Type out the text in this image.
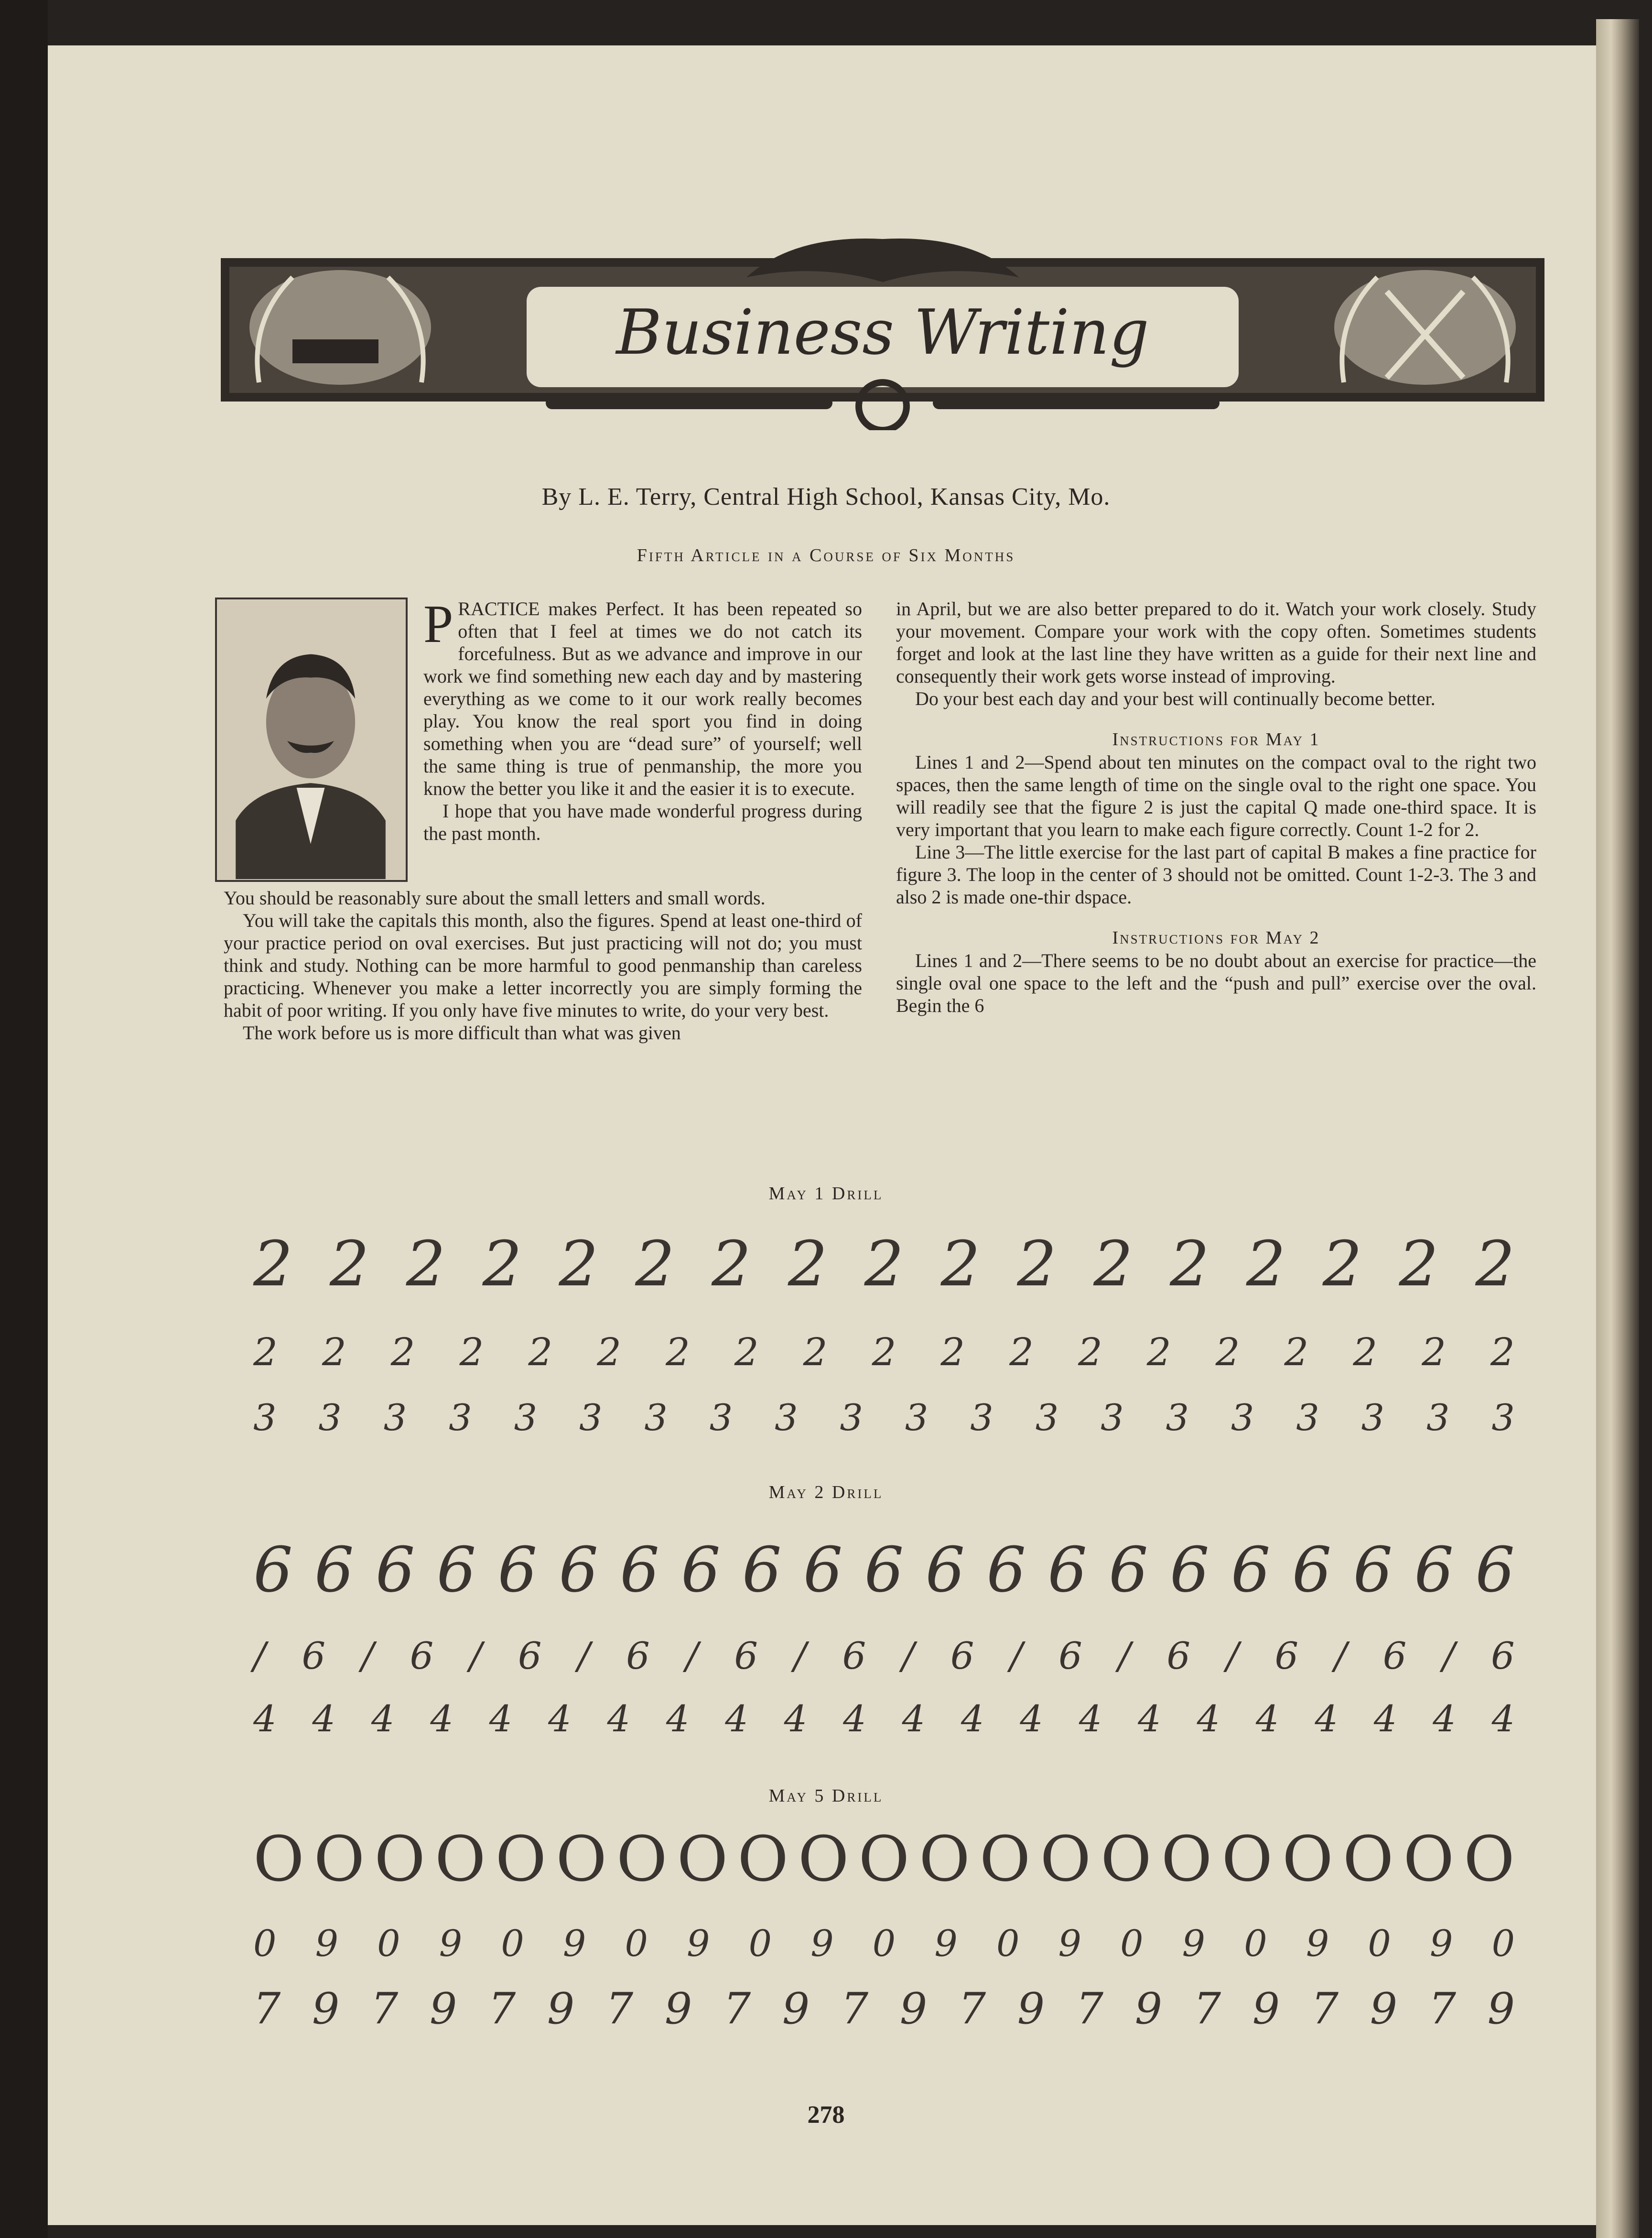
Business Writing
By L. E. Terry, Central High School, Kansas City, Mo.
Fifth Article in a Course of Six Months

PRACTICE makes Perfect. It has been repeated so often that I feel at times we do not catch its forcefulness. But as we advance and improve in our work we find something new each day and by mastering everything as we come to it our work really becomes play. You know the real sport you find in doing something when you are “dead sure” of yourself; well the same thing is true of penmanship, the more you know the better you like it and the easier it is to execute.

I hope that you have made wonderful progress during the past month.

You should be reasonably sure about the small letters and small words.

You will take the capitals this month, also the figures. Spend at least one-third of your practice period on oval exercises. But just practicing will not do; you must think and study. Nothing can be more harmful to good penmanship than careless practicing. Whenever you make a letter incorrectly you are simply forming the habit of poor writing. If you only have five minutes to write, do your very best.

The work before us is more difficult than what was given

in April, but we are also better prepared to do it. Watch your work closely. Study your movement. Compare your work with the copy often. Sometimes students forget and look at the last line they have written as a guide for their next line and consequently their work gets worse instead of improving.

Do your best each day and your best will continually become better.

Instructions for May 1

Lines 1 and 2—Spend about ten minutes on the compact oval to the right two spaces, then the same length of time on the single oval to the right one space. You will readily see that the figure 2 is just the capital Q made one-third space. It is very important that you learn to make each figure correctly. Count 1-2 for 2.

Line 3—The little exercise for the last part of capital B makes a fine practice for figure 3. The loop in the center of 3 should not be omitted. Count 1-2-3. The 3 and also 2 is made one-thir dspace.

Instructions for May 2

Lines 1 and 2—There seems to be no doubt about an exercise for practice—the single oval one space to the left and the “push and pull” exercise over the oval. Begin the 6

May 1 Drill
2 2 2 2 2 2 2 2 2 2 2 2 2 2 2 2 2
2 2 2 2 2 2 2 2 2 2 2 2 2 2 2 2 2 2 2
3 3 3 3 3 3 3 3 3 3 3 3 3 3 3 3 3 3 3 3
May 2 Drill
6 6 6 6 6 6 6 6 6 6 6 6 6 6 6 6 6 6 6 6 6
/ 6 / 6 / 6 / 6 / 6 / 6 / 6 / 6 / 6 / 6 / 6 / 6
4 4 4 4 4 4 4 4 4 4 4 4 4 4 4 4 4 4 4 4 4 4
May 5 Drill
O O O O O O O O O O O O O O O O O O O O O
0 9 0 9 0 9 0 9 0 9 0 9 0 9 0 9 0 9 0 9 0
7 9 7 9 7 9 7 9 7 9 7 9 7 9 7 9 7 9 7 9 7 9
278
